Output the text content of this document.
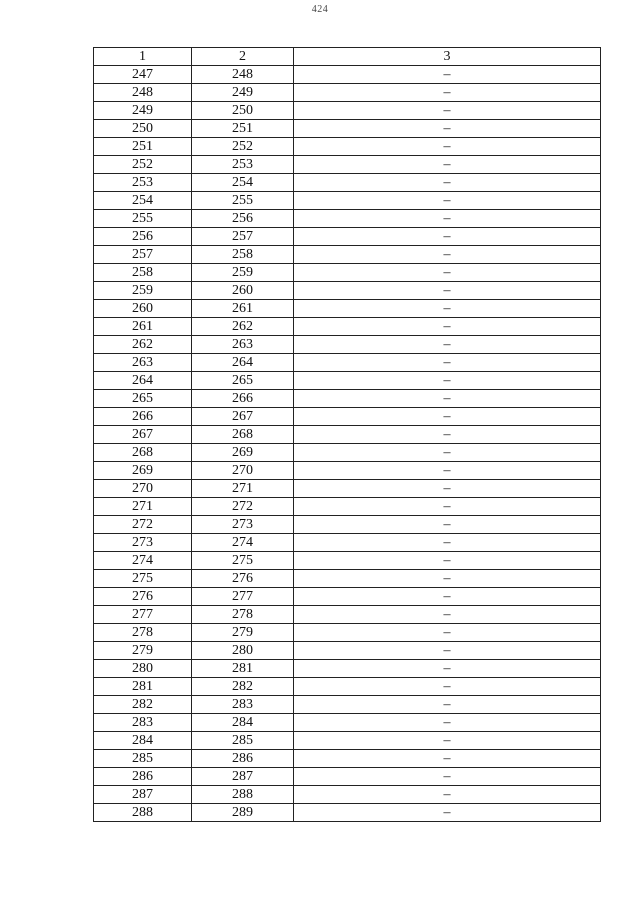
424
1	2	3
247	248	–
248	249	–
249	250	–
250	251	–
251	252	–
252	253	–
253	254	–
254	255	–
255	256	–
256	257	–
257	258	–
258	259	–
259	260	–
260	261	–
261	262	–
262	263	–
263	264	–
264	265	–
265	266	–
266	267	–
267	268	–
268	269	–
269	270	–
270	271	–
271	272	–
272	273	–
273	274	–
274	275	–
275	276	–
276	277	–
277	278	–
278	279	–
279	280	–
280	281	–
281	282	–
282	283	–
283	284	–
284	285	–
285	286	–
286	287	–
287	288	–
288	289	–
